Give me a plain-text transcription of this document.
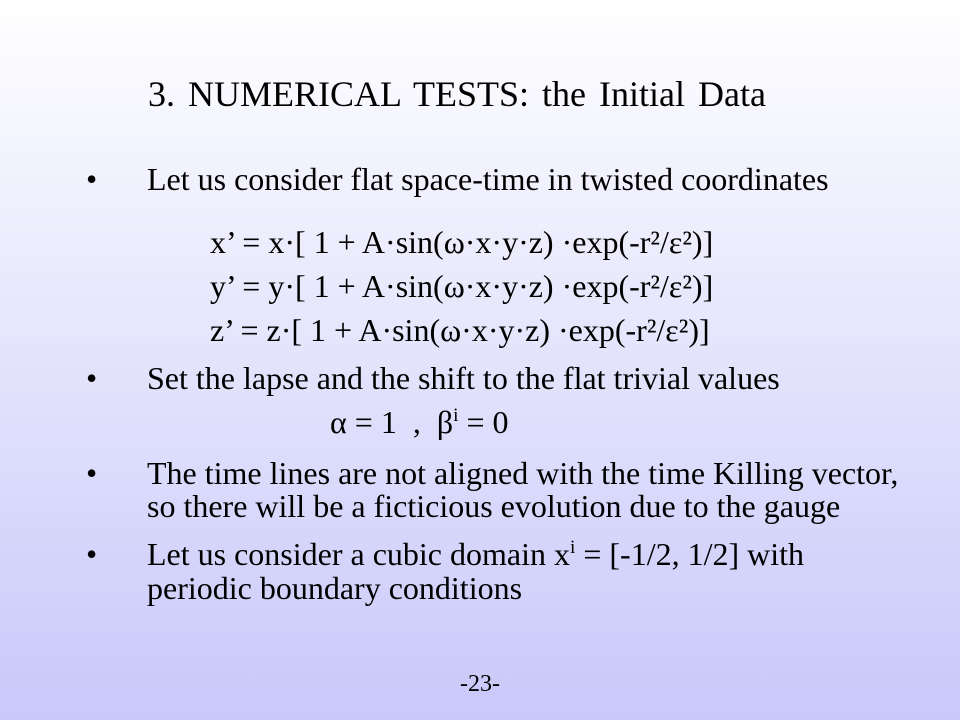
3. NUMERICAL TESTS: the Initial Data
• Let us consider flat space-time in twisted coordinates
x’ = x·[ 1 + A·sin(ω·x·y·z) ·exp(-r²/ε²)]
y’ = y·[ 1 + A·sin(ω·x·y·z) ·exp(-r²/ε²)]
z’ = z·[ 1 + A·sin(ω·x·y·z) ·exp(-r²/ε²)]
• Set the lapse and the shift to the flat trivial values
α = 1  ,  $\beta^i = 0$
• The time lines are not aligned with the time Killing vector,
so there will be a ficticious evolution due to the gauge
• Let us consider a cubic domain $x^i = [-1/2$, 1/2] with
periodic boundary conditions
-23-
